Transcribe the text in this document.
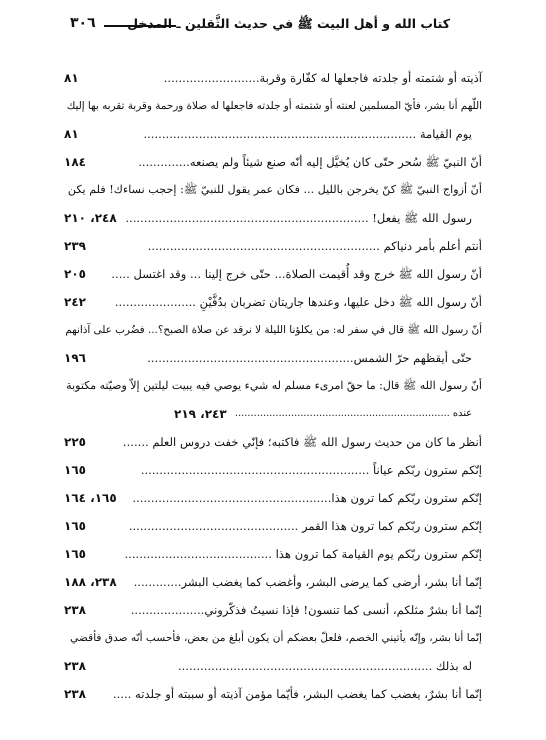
٣٠٦	كتاب الله و أهل البيت ﷺ في حديث الثَّقلين ـ المدخل
آذيته أو شتمته أو جلدته فاجعلها له كفّارة وقربة..........................
٨١
اللّهم أنا بشر، فأيّ المسلمين لعنته أو شتمته أو جلدته فاجعلها له صلاة ورحمة وقربة تقربه بها إليك
يوم القيامة ..........................................................................
٨١
أنّ النبيّ ﷺ سُحر حتّى كان يُخيَّل إليه أنّه صنع شيئاً ولم يصنعه..............
١٨٤
أنّ أزواج النبيّ ﷺ كنّ يخرجن بالليل ... فكان عمر يقول للنبيّ ﷺ: إحجب نساءك! فلم يكن
رسول الله ﷺ يفعل! ..................................................................
٢٤٨، ٢١٠
أنتم أعلم بأمر دنياكم ...............................................................
٢٣٩
أنّ رسول الله ﷺ خرج وقد أُقيمت الصلاة... حتّى خرج إلينا ... وقد اغتسل .....
٢٠٥
أنّ رسول الله ﷺ دخل عليها، وعندها جاريتان تضربان بدُفَّيْنِ ......................
٢٤٢
أنّ رسول الله ﷺ قال في سفر له: من يكلؤنا الليلة لا نرقد عن صلاة الصبح؟... فضُرب على آذانهم
حتّى أيقظهم حرّ الشمس........................................................
١٩٦
أنّ رسول الله ﷺ قال: ما حقّ امرىء مسلم له شيء يوصي فيه يبيت ليلتين إلاّ وصيّته مكتوبة
عنده .....................................................................
٢٤٣، ٢١٩
أنظر ما كان من حديث رسول الله ﷺ فاكتبه؛ فإنّي خفت دروس العلم .......
٢٢٥
إنّكم سترون ربّكم عياناً ..............................................................
١٦٥
إنّكم سترون ربّكم كما ترون هذا......................................................
١٦٥، ١٦٤
إنّكم سترون ربّكم كما ترون هذا القمر ..............................................
١٦٥
إنّكم سترون ربّكم يوم القيامة كما ترون هذا ........................................
١٦٥
إنّما أنا بشر، أرضى كما يرضى البشر، وأغضب كما يغضب البشر.............
٢٣٨، ١٨٨
إنّما أنا بشرٌ مثلكم، أنسى كما تنسون! فإذا نسيتُ فذكّروني....................
٢٣٨
إنّما أنا بشر، وإنّه يأتيني الخصم، فلعلّ بعضكم أن يكون أبلغ من بعض، فأحسب أنّه صدق فأقضي
له بذلك .....................................................................
٢٣٨
إنّما أنا بشرٌ، يغضب كما يغضب البشر، فأيّما مؤمن آذيته أو سببته أو جلدته .....
٢٣٨
